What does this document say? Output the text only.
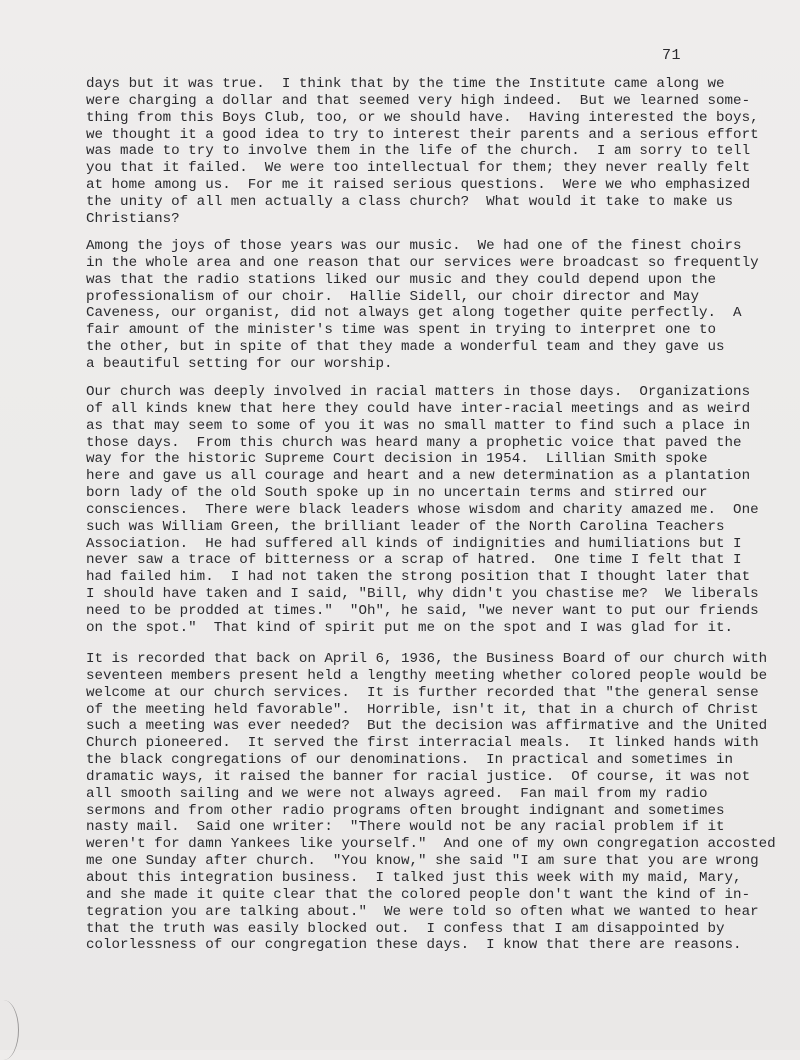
71
days but it was true.  I think that by the time the Institute came along we
were charging a dollar and that seemed very high indeed.  But we learned some-
thing from this Boys Club, too, or we should have.  Having interested the boys,
we thought it a good idea to try to interest their parents and a serious effort
was made to try to involve them in the life of the church.  I am sorry to tell
you that it failed.  We were too intellectual for them; they never really felt
at home among us.  For me it raised serious questions.  Were we who emphasized
the unity of all men actually a class church?  What would it take to make us
Christians?
Among the joys of those years was our music.  We had one of the finest choirs
in the whole area and one reason that our services were broadcast so frequently
was that the radio stations liked our music and they could depend upon the
professionalism of our choir.  Hallie Sidell, our choir director and May
Caveness, our organist, did not always get along together quite perfectly.  A
fair amount of the minister's time was spent in trying to interpret one to
the other, but in spite of that they made a wonderful team and they gave us
a beautiful setting for our worship.
Our church was deeply involved in racial matters in those days.  Organizations
of all kinds knew that here they could have inter-racial meetings and as weird
as that may seem to some of you it was no small matter to find such a place in
those days.  From this church was heard many a prophetic voice that paved the
way for the historic Supreme Court decision in 1954.  Lillian Smith spoke
here and gave us all courage and heart and a new determination as a plantation
born lady of the old South spoke up in no uncertain terms and stirred our
consciences.  There were black leaders whose wisdom and charity amazed me.  One
such was William Green, the brilliant leader of the North Carolina Teachers
Association.  He had suffered all kinds of indignities and humiliations but I
never saw a trace of bitterness or a scrap of hatred.  One time I felt that I
had failed him.  I had not taken the strong position that I thought later that
I should have taken and I said, "Bill, why didn't you chastise me?  We liberals
need to be prodded at times."  "Oh", he said, "we never want to put our friends
on the spot."  That kind of spirit put me on the spot and I was glad for it.
It is recorded that back on April 6, 1936, the Business Board of our church with
seventeen members present held a lengthy meeting whether colored people would be
welcome at our church services.  It is further recorded that "the general sense
of the meeting held favorable".  Horrible, isn't it, that in a church of Christ
such a meeting was ever needed?  But the decision was affirmative and the United
Church pioneered.  It served the first interracial meals.  It linked hands with
the black congregations of our denominations.  In practical and sometimes in
dramatic ways, it raised the banner for racial justice.  Of course, it was not
all smooth sailing and we were not always agreed.  Fan mail from my radio
sermons and from other radio programs often brought indignant and sometimes
nasty mail.  Said one writer:  "There would not be any racial problem if it
weren't for damn Yankees like yourself."  And one of my own congregation accosted
me one Sunday after church.  "You know," she said "I am sure that you are wrong
about this integration business.  I talked just this week with my maid, Mary,
and she made it quite clear that the colored people don't want the kind of in-
tegration you are talking about."  We were told so often what we wanted to hear
that the truth was easily blocked out.  I confess that I am disappointed by
colorlessness of our congregation these days.  I know that there are reasons.
